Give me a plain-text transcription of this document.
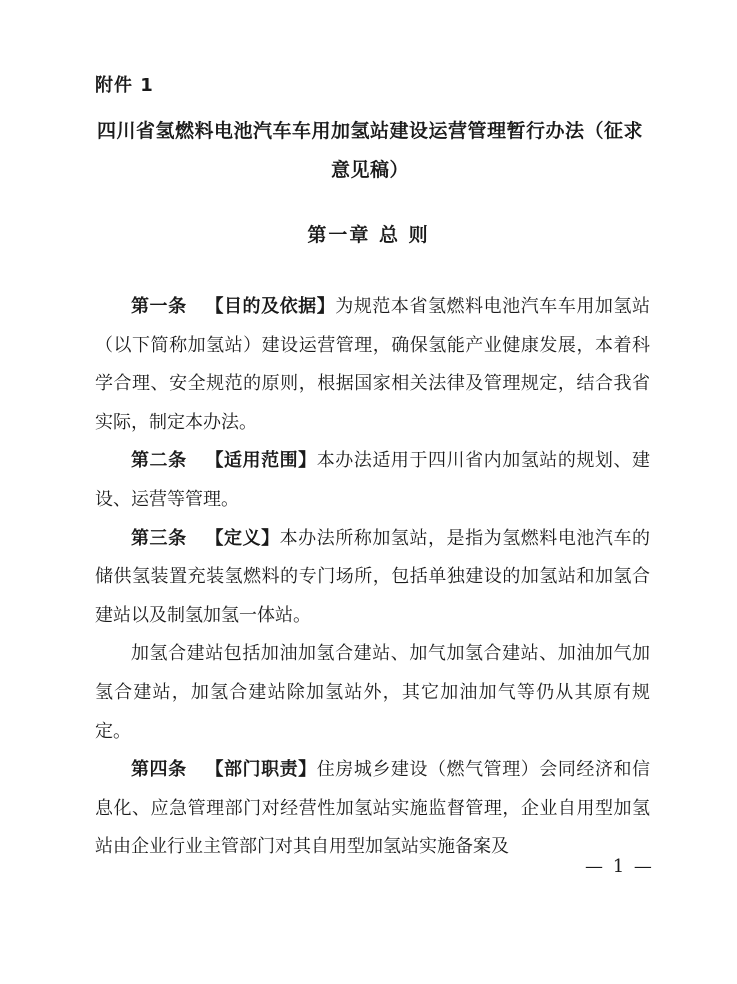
附件 1
四川省氢燃料电池汽车车用加氢站建设运营管理暂行办法（征求意见稿）
第一章 总 则

第一条 【目的及依据】为规范本省氢燃料电池汽车车用加氢站（以下简称加氢站）建设运营管理，确保氢能产业健康发展，本着科学合理、安全规范的原则，根据国家相关法律及管理规定，结合我省实际，制定本办法。

第二条 【适用范围】本办法适用于四川省内加氢站的规划、建设、运营等管理。

第三条 【定义】本办法所称加氢站，是指为氢燃料电池汽车的储供氢装置充装氢燃料的专门场所，包括单独建设的加氢站和加氢合建站以及制氢加氢一体站。

加氢合建站包括加油加氢合建站、加气加氢合建站、加油加气加氢合建站，加氢合建站除加氢站外，其它加油加气等仍从其原有规定。

第四条 【部门职责】住房城乡建设（燃气管理）会同经济和信息化、应急管理部门对经营性加氢站实施监督管理，企业自用型加氢站由企业行业主管部门对其自用型加氢站实施备案及

— 1 —
